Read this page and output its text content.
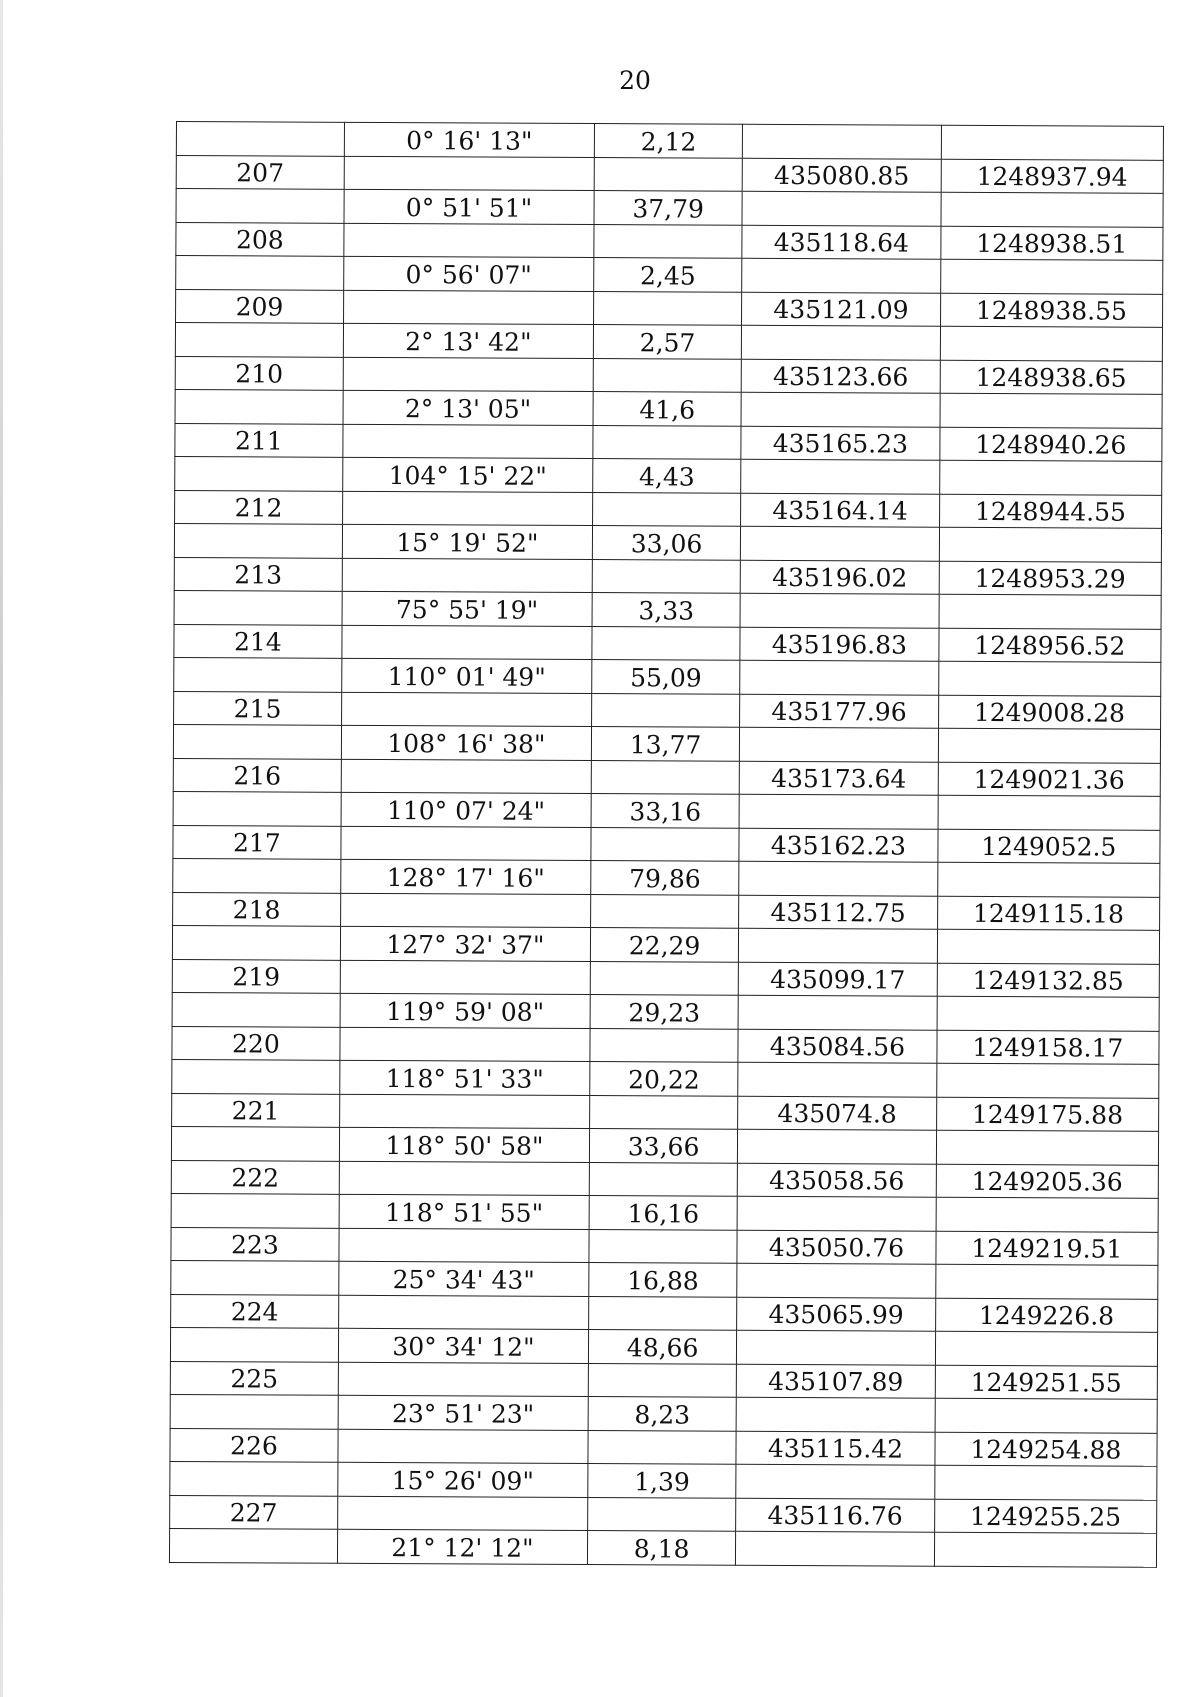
20
	0° 16' 13"	2,12		
207			435080.85	1248937.94
	0° 51' 51"	37,79		
208			435118.64	1248938.51
	0° 56' 07"	2,45		
209			435121.09	1248938.55
	2° 13' 42"	2,57		
210			435123.66	1248938.65
	2° 13' 05"	41,6		
211			435165.23	1248940.26
	104° 15' 22"	4,43		
212			435164.14	1248944.55
	15° 19' 52"	33,06		
213			435196.02	1248953.29
	75° 55' 19"	3,33		
214			435196.83	1248956.52
	110° 01' 49"	55,09		
215			435177.96	1249008.28
	108° 16' 38"	13,77		
216			435173.64	1249021.36
	110° 07' 24"	33,16		
217			435162.23	1249052.5
	128° 17' 16"	79,86		
218			435112.75	1249115.18
	127° 32' 37"	22,29		
219			435099.17	1249132.85
	119° 59' 08"	29,23		
220			435084.56	1249158.17
	118° 51' 33"	20,22		
221			435074.8	1249175.88
	118° 50' 58"	33,66		
222			435058.56	1249205.36
	118° 51' 55"	16,16		
223			435050.76	1249219.51
	25° 34' 43"	16,88		
224			435065.99	1249226.8
	30° 34' 12"	48,66		
225			435107.89	1249251.55
	23° 51' 23"	8,23		
226			435115.42	1249254.88
	15° 26' 09"	1,39		
227			435116.76	1249255.25
	21° 12' 12"	8,18		
